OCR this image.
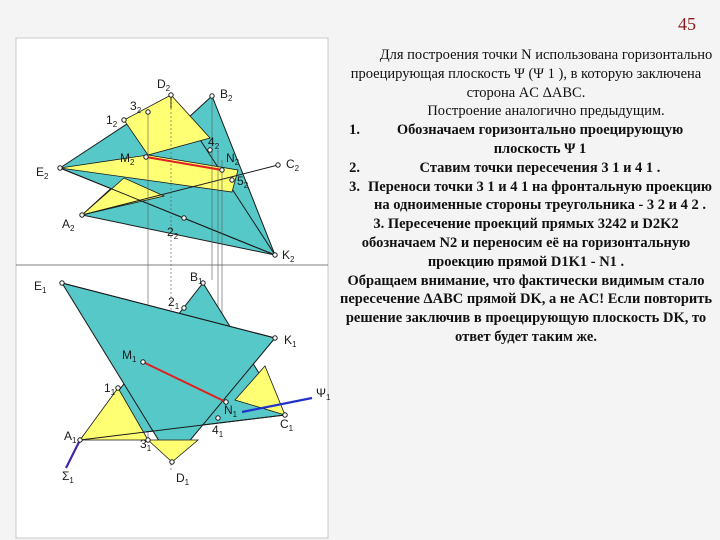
45
$D_2$	$B_2$
$3_2$
$1_2$
$4_2$
$M_2$	$N_2$	$C_2$
$E_2$	$5_2$
$A_2$	$2_2$
$K_2$
$B_1$
$E_1$
$2_1$
$K_1$
$M_1$
$1_1$	$\Psi_1$
$N_1$
$C_1$
$4_1$
$A_1$	$3_1$
$\Sigma_1$	$D_1$

Для построения точки N использована горизонтально проецирующая плоскость Ψ (Ψ 1 ), в которую заключена сторона AC ΔABC.

Построение аналогично предыдущим.

1.	Обозначаем горизонтально проецирующую плоскость Ψ 1
2.	Ставим точки пересечения 3 1 и 4 1 .
3. Переноси точки 3 1 и 4 1 на фронтальную проекцию на одноименные стороны треугольника - 3 2 и 4 2 .

3. Пересечение проекций прямых 3242 и D2K2 обозначаем N2 и переносим её на горизонтальную проекцию прямой D1K1 - N1 .

Обращаем внимание, что фактически видимым стало пересечение ΔABC прямой DK, а не AC! Если повторить решение заключив в проецирующую плоскость DK, то ответ будет таким же.
